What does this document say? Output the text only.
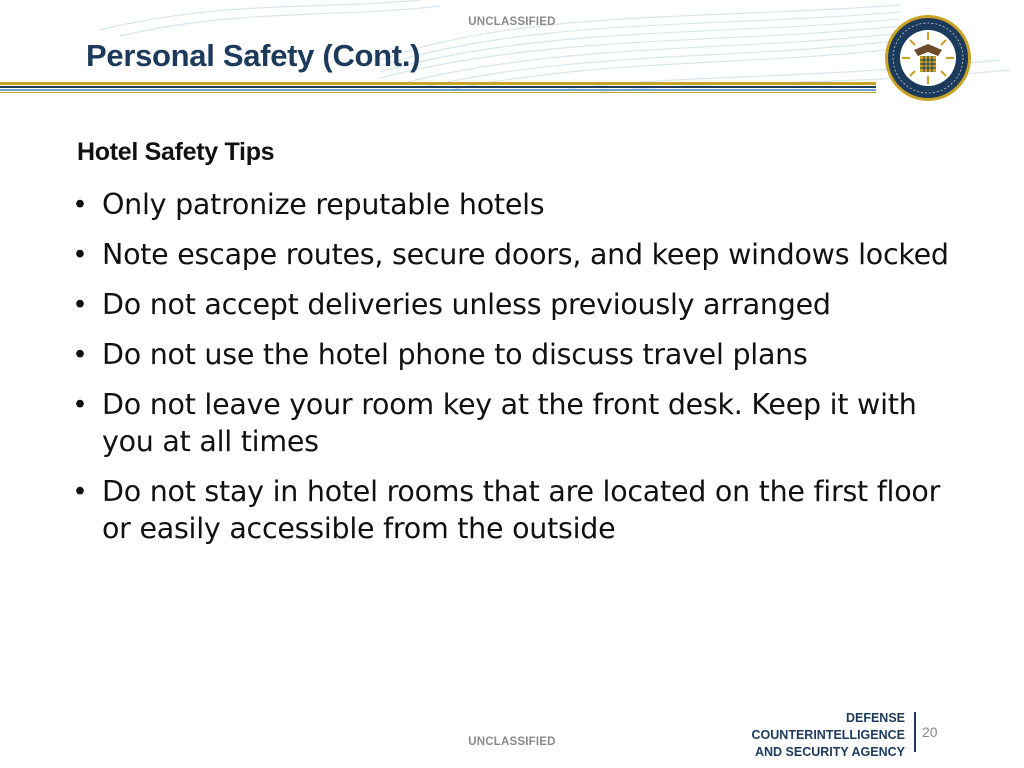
UNCLASSIFIED
Personal Safety (Cont.)
Hotel Safety Tips
• Only patronize reputable hotels
• Note escape routes, secure doors, and keep windows locked
• Do not accept deliveries unless previously arranged
• Do not use the hotel phone to discuss travel plans
• Do not leave your room key at the front desk. Keep it with you at all times
• Do not stay in hotel rooms that are located on the first floor or easily accessible from the outside
DEFENSE
COUNTERINTELLIGENCE
AND SECURITY AGENCY
20
UNCLASSIFIED
